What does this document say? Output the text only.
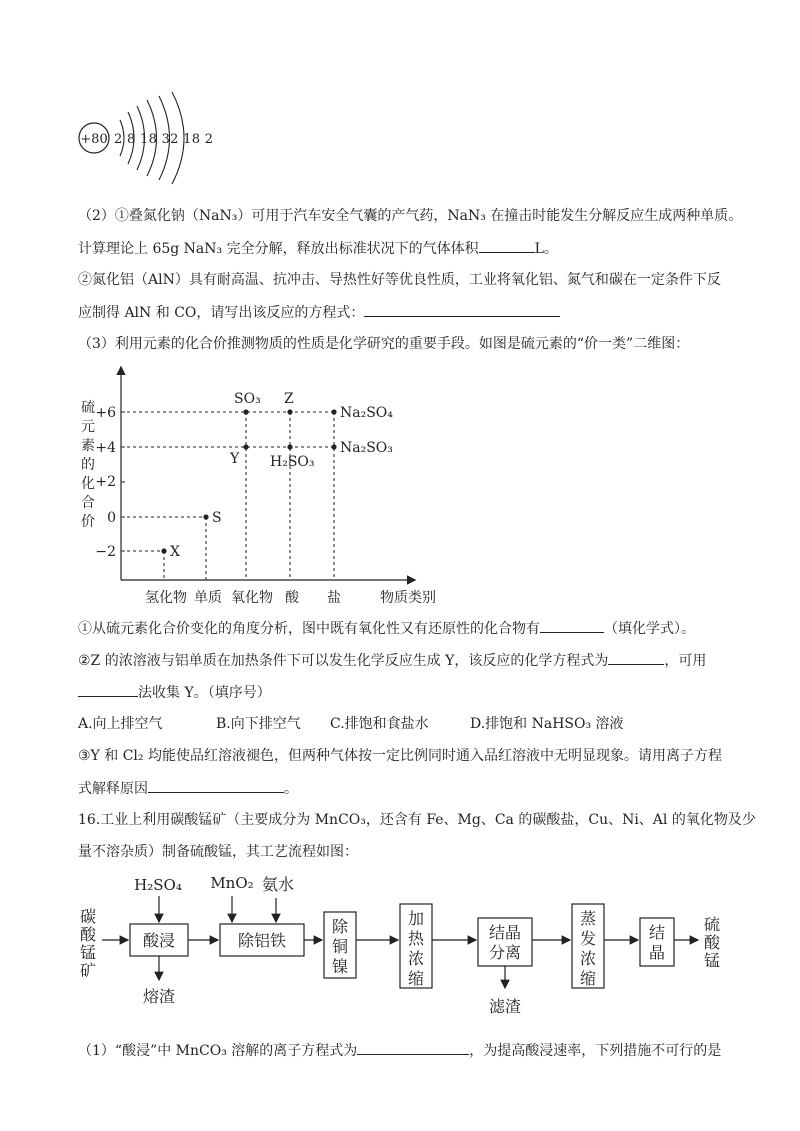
+80 2 8 18 32 18 2
（2）①叠氮化钠（NaN₃）可用于汽车安全气囊的产气药，NaN₃ 在撞击时能发生分解反应生成两种单质。
计算理论上 65g NaN₃ 完全分解，释放出标准状况下的气体体积	L。
②氮化铝（AlN）具有耐高温、抗冲击、导热性好等优良性质，工业将氧化铝、氮气和碳在一定条件下反
应制得 AlN 和 CO，请写出该反应的方程式：
（3）利用元素的化合价推测物质的性质是化学研究的重要手段。如图是硫元素的“价一类”二维图：
硫
元
素
的
化
合
价
+6
+4
+2
0
−2
SO₃ Z
Na₂SO₄
Y H₂SO₃
Na₂SO₃
S
X
氢化物 单质 氧化物 酸 盐	物质类别
①从硫元素化合价变化的角度分析，图中既有氧化性又有还原性的化合物有	（填化学式）。
②Z 的浓溶液与铝单质在加热条件下可以发生化学反应生成 Y，该反应的化学方程式为	，可用
法收集 Y。（填序号）
A.向上排空气	B.向下排空气 C.排饱和食盐水	D.排饱和 NaHSO₃ 溶液
③Y 和 Cl₂ 均能使品红溶液褪色，但两种气体按一定比例同时通入品红溶液中无明显现象。请用离子方程
式解释原因	。
16.工业上利用碳酸锰矿（主要成分为 MnCO₃，还含有 Fe、Mg、Ca 的碳酸盐，Cu、Ni、Al 的氧化物及少
量不溶杂质）制备硫酸锰，其工艺流程如图：
碳
酸
锰
矿
酸浸
H₂SO₄
熔渣
除铝铁
MnO₂ 氨水
除
铜
镍
加
热
浓
缩
结晶
分离
滤渣
蒸
发
浓
缩
结
晶
硫
酸
锰
（1）“酸浸”中 MnCO₃ 溶解的离子方程式为	，为提高酸浸速率，下列措施不可行的是
